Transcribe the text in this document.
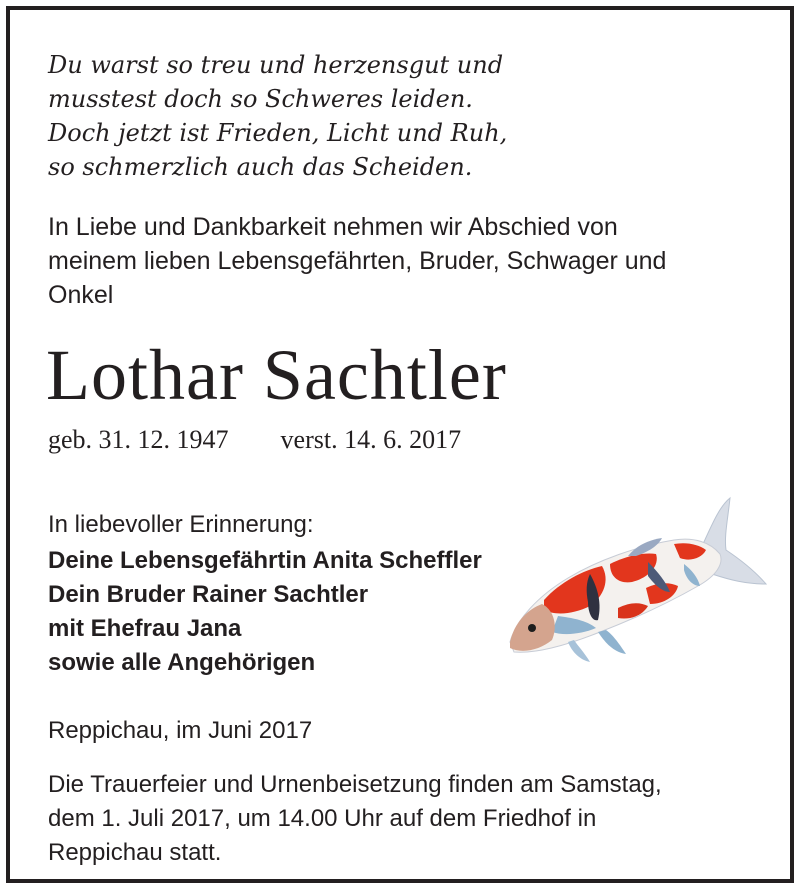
Du warst so treu und herzensgut und
musstest doch so Schweres leiden.
Doch jetzt ist Frieden, Licht und Ruh,
so schmerzlich auch das Scheiden.
In Liebe und Dankbarkeit nehmen wir Abschied von
meinem lieben Lebensgefährten, Bruder, Schwager und
Onkel
Lothar Sachtler
geb. 31. 12. 1947 verst. 14. 6. 2017
In liebevoller Erinnerung:
Deine Lebensgefährtin Anita Scheffler
Dein Bruder Rainer Sachtler
mit Ehefrau Jana
sowie alle Angehörigen
Reppichau, im Juni 2017
Die Trauerfeier und Urnenbeisetzung finden am Samstag,
dem 1. Juli 2017, um 14.00 Uhr auf dem Friedhof in
Reppichau statt.
